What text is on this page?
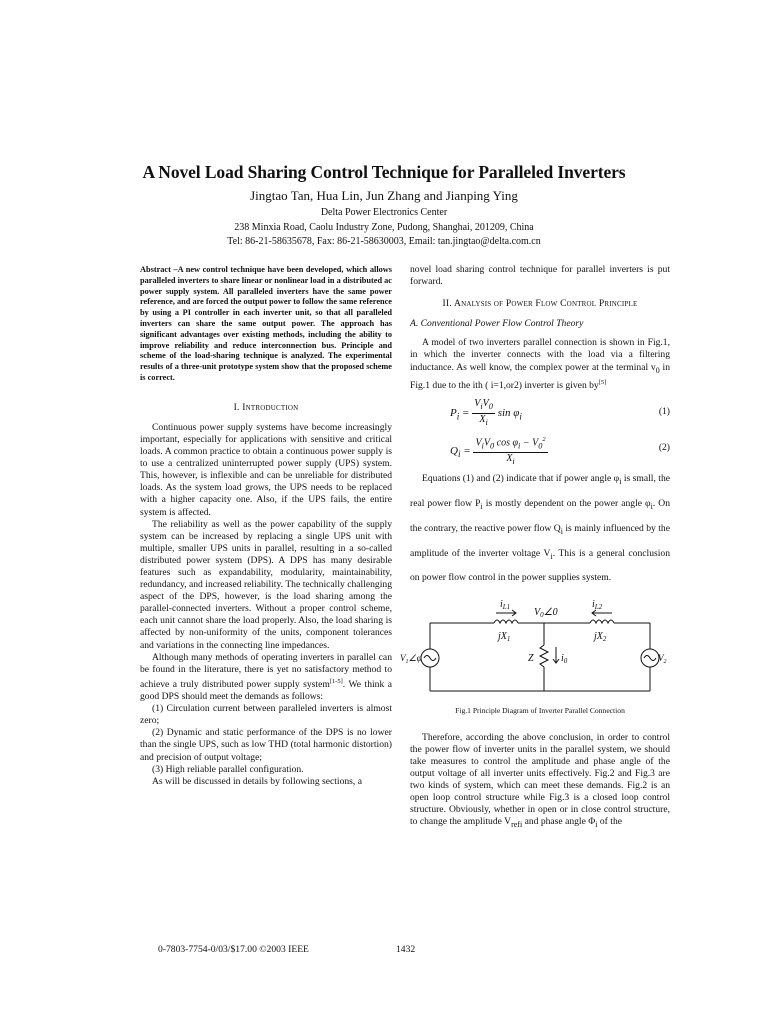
A Novel Load Sharing Control Technique for Paralleled Inverters
Jingtao Tan, Hua Lin, Jun Zhang and Jianping Ying
Delta Power Electronics Center
238 Minxia Road, Caolu Industry Zone, Pudong, Shanghai, 201209, China
Tel: 86-21-58635678, Fax: 86-21-58630003, Email: tan.jingtao@delta.com.cn

Abstract –A new control technique have been developed, which allows paralleled inverters to share linear or nonlinear load in a distributed ac power supply system. All paralleled inverters have the same power reference, and are forced the output power to follow the same reference by using a PI controller in each inverter unit, so that all paralleled inverters can share the same output power. The approach has significant advantages over existing methods, including the ability to improve reliability and reduce interconnection bus. Principle and scheme of the load-sharing technique is analyzed. The experimental results of a three-unit prototype system show that the proposed scheme is correct.

I. Introduction

Continuous power supply systems have become increasingly important, especially for applications with sensitive and critical loads. A common practice to obtain a continuous power supply is to use a centralized uninterrupted power supply (UPS) system. This, however, is inflexible and can be unreliable for distributed loads. As the system load grows, the UPS needs to be replaced with a higher capacity one. Also, if the UPS fails, the entire system is affected.

The reliability as well as the power capability of the supply system can be increased by replacing a single UPS unit with multiple, smaller UPS units in parallel, resulting in a so-called distributed power system (DPS). A DPS has many desirable features such as expandability, modularity, maintainability, redundancy, and increased reliability. The technically challenging aspect of the DPS, however, is the load sharing among the parallel-connected inverters. Without a proper control scheme, each unit cannot share the load properly. Also, the load sharing is affected by non-uniformity of the units, component tolerances and variations in the connecting line impedances.

Although many methods of operating inverters in parallel can be found in the literature, there is yet no satisfactory method to achieve a truly distributed power supply system[1-5]. We think a good DPS should meet the demands as follows:

(1) Circulation current between paralleled inverters is almost zero;

(2) Dynamic and static performance of the DPS is no lower than the single UPS, such as low THD (total harmonic distortion) and precision of output voltage;

(3) High reliable parallel configuration.

As will be discussed in details by following sections, a

novel load sharing control technique for parallel inverters is put forward.

II. Analysis of Power Flow Control Principle
A. Conventional Power Flow Control Theory

A model of two inverters parallel connection is shown in Fig.1, in which the inverter connects with the load via a filtering inductance. As well know, the complex power at the terminal $v_0$ in Fig.1 due to the ith ( i=1,or2) inverter is given by[5]

$P_i = \frac{V_iV_0}{X_i}$ $\sin \varphi_i$	(1)
$Q_i = \frac{V_iV_0 \cos \varphi_i - V_0^2}{X_i}$	(2)

Equations (1) and (2) indicate that if power angle $\varphi_i$ is small, the real power flow $P_i$ is mostly dependent on the power angle $\varphi_i$. On the contrary, the reactive power flow $Q_i$ is mainly influenced by the amplitude of the inverter voltage $V_i$. This is a general conclusion on power flow control in the power supplies system.

$i_{L1}$	$i_{L2}$
$V_0\angle 0$
$jX_1$	$jX_2$
Z	$i_0$
$V_1\angle\varphi$	$V_2$
Fig.1 Principle Diagram of Inverter Parallel Connection

Therefore, according the above conclusion, in order to control the power flow of inverter units in the parallel system, we should take measures to control the amplitude and phase angle of the output voltage of all inverter units effectively. Fig.2 and Fig.3 are two kinds of system, which can meet these demands. Fig.2 is an open loop control structure while Fig.3 is a closed loop control structure. Obviously, whether in open or in close control structure, to change the amplitude $V_{refi}$ and phase angle $\Phi_i$ of the

0-7803-7754-0/03/$17.00 ©2003 IEEE	1432
